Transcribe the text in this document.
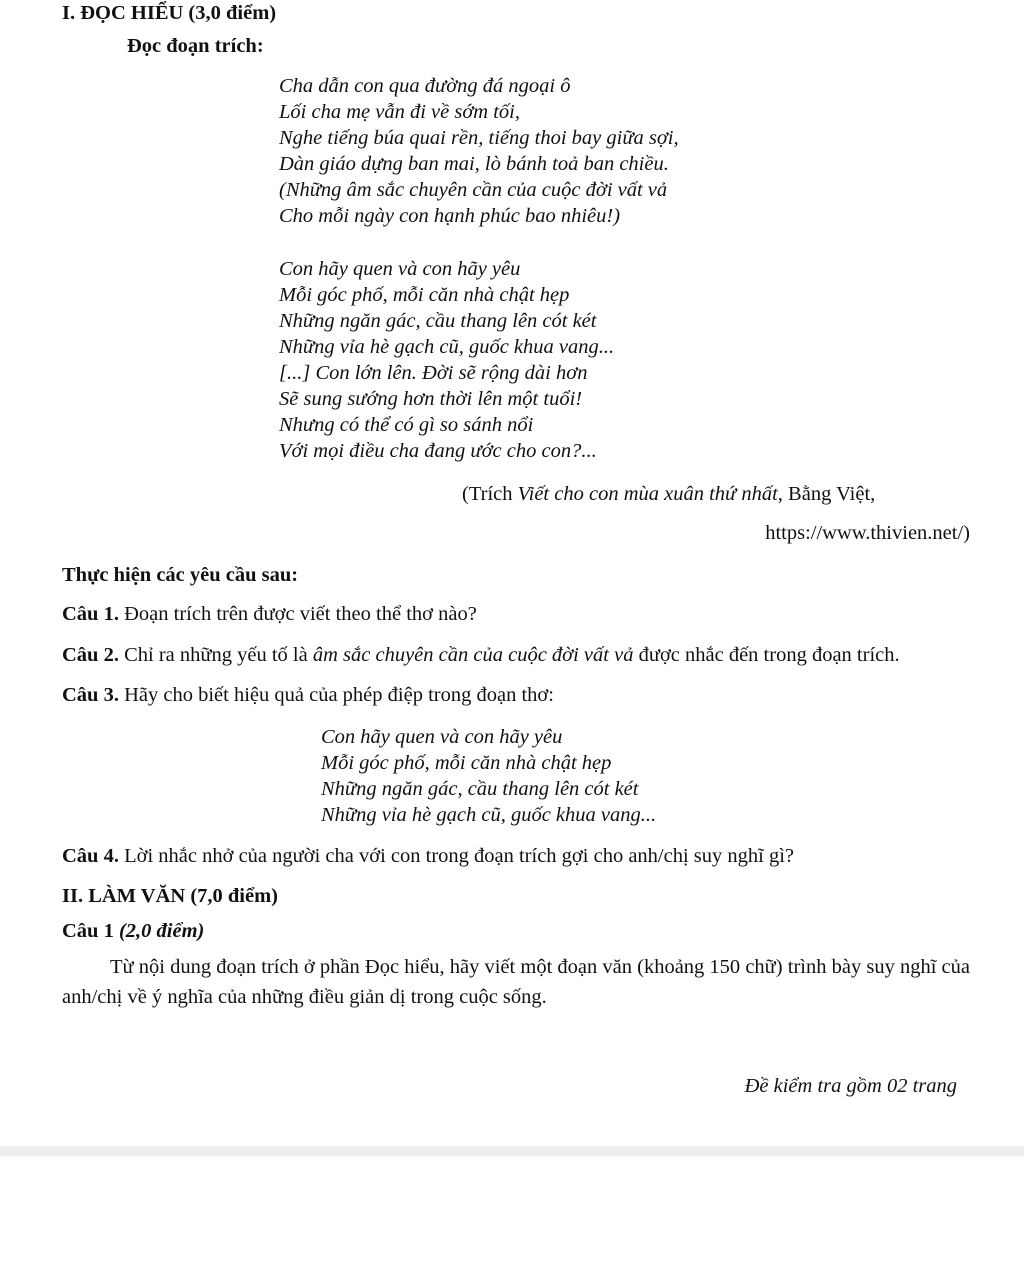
I. ĐỌC HIỂU (3,0 điểm)
Đọc đoạn trích:
Cha dẫn con qua đường đá ngoại ô
Lối cha mẹ vẫn đi về sớm tối,
Nghe tiếng búa quai rền, tiếng thoi bay giữa sợi,
Dàn giáo dựng ban mai, lò bánh toả ban chiều.
(Những âm sắc chuyên cần của cuộc đời vất vả
Cho mỗi ngày con hạnh phúc bao nhiêu!)
Con hãy quen và con hãy yêu
Mỗi góc phố, mỗi căn nhà chật hẹp
Những ngăn gác, cầu thang lên cót két
Những vỉa hè gạch cũ, guốc khua vang...
[...] Con lớn lên. Đời sẽ rộng dài hơn
Sẽ sung sướng hơn thời lên một tuổi!
Nhưng có thể có gì so sánh nổi
Với mọi điều cha đang ước cho con?...
(Trích Viết cho con mùa xuân thứ nhất, Bằng Việt,
https://www.thivien.net/)
Thực hiện các yêu cầu sau:
Câu 1. Đoạn trích trên được viết theo thể thơ nào?
Câu 2. Chỉ ra những yếu tố là âm sắc chuyên cần của cuộc đời vất vả được nhắc đến trong đoạn trích.
Câu 3. Hãy cho biết hiệu quả của phép điệp trong đoạn thơ:
Con hãy quen và con hãy yêu
Mỗi góc phố, mỗi căn nhà chật hẹp
Những ngăn gác, cầu thang lên cót két
Những vỉa hè gạch cũ, guốc khua vang...
Câu 4. Lời nhắc nhở của người cha với con trong đoạn trích gợi cho anh/chị suy nghĩ gì?
II. LÀM VĂN (7,0 điểm)
Câu 1 (2,0 điểm)
Từ nội dung đoạn trích ở phần Đọc hiểu, hãy viết một đoạn văn (khoảng 150 chữ) trình bày suy nghĩ của anh/chị về ý nghĩa của những điều giản dị trong cuộc sống.
Đề kiểm tra gồm 02 trang
